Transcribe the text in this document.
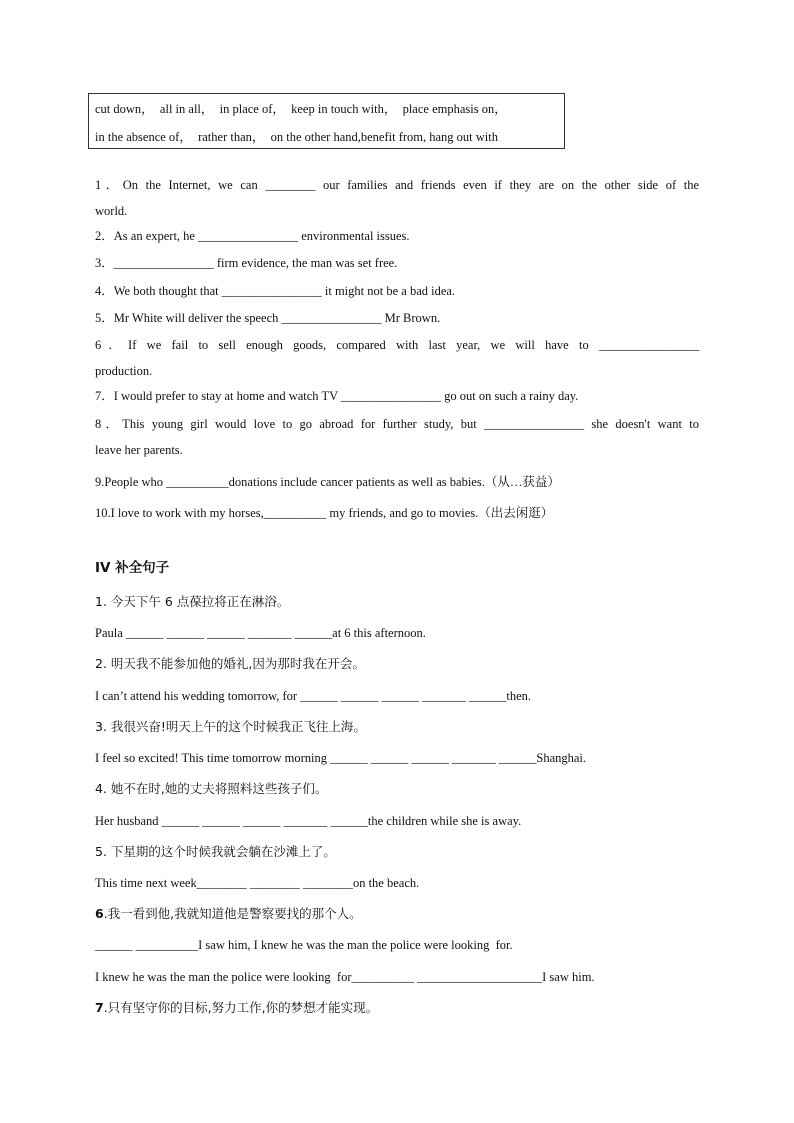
cut down，  all in all，  in place of，  keep in touch with，  place emphasis on，
in the absence of，  rather than，  on the other hand,benefit from, hang out with
1．On the Internet, we can ________ our families and friends even if they are on the other side of the
world.
2．As an expert, he ________________ environmental issues.
3．________________ firm evidence, the man was set free.
4．We both thought that ________________ it might not be a bad idea.
5．Mr White will deliver the speech ________________ Mr Brown.
6．If we fail to sell enough goods, compared with last year, we will have to ________________
production.
7．I would prefer to stay at home and watch TV ________________ go out on such a rainy day.
8．This young girl would love to go abroad for further study, but ________________ she doesn't want to
leave her parents.
9.People who __________donations include cancer patients as well as babies.（从…获益）
10.I love to work with my horses,__________ my friends, and go to movies.（出去闲逛）
IV 补全句子
1. 今天下午 6 点葆拉将正在淋浴。
Paula ______ ______ ______ _______ ______at 6 this afternoon.
2. 明天我不能参加他的婚礼,因为那时我在开会。
I can’t attend his wedding tomorrow, for ______ ______ ______ _______ ______then.
3. 我很兴奋!明天上午的这个时候我正飞往上海。
I feel so excited! This time tomorrow morning ______ ______ ______ _______ ______Shanghai.
4. 她不在时,她的丈夫将照料这些孩子们。
Her husband ______ ______ ______ _______ ______the children while she is away.
5. 下星期的这个时候我就会躺在沙滩上了。
This time next week________ ________ ________on the beach.
6.我一看到他,我就知道他是警察要找的那个人。
______ __________I saw him, I knew he was the man the police were looking  for.
I knew he was the man the police were looking  for__________ ____________________I saw him.
7.只有坚守你的目标,努力工作,你的梦想才能实现。
